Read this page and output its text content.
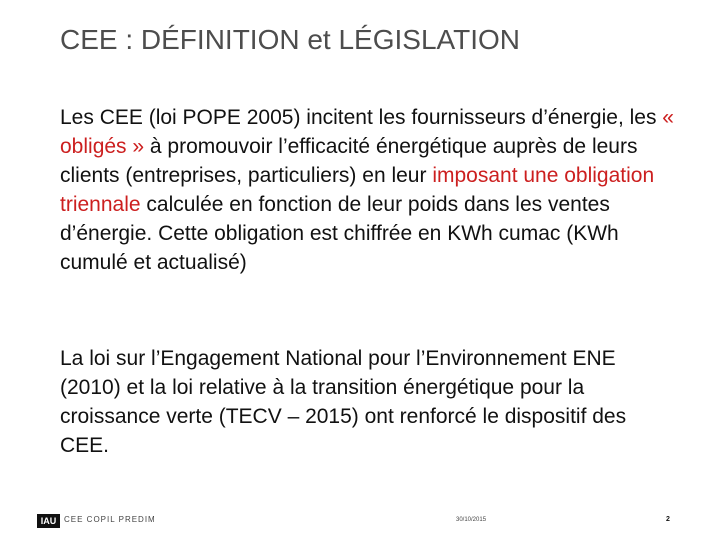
CEE : DÉFINITION et LÉGISLATION
Les CEE (loi POPE 2005) incitent les fournisseurs d’énergie, les « obligés » à promouvoir l’efficacité énergétique auprès de leurs clients (entreprises, particuliers) en leur imposant une obligation triennale calculée en fonction de leur poids dans les ventes d’énergie. Cette obligation est chiffrée en KWh cumac (KWh cumulé et actualisé)
La loi sur l’Engagement National pour l’Environnement ENE (2010) et la loi relative à la transition énergétique pour la croissance verte (TECV – 2015) ont renforcé le dispositif des CEE.
IAU CEE COPIL PREDIM	30/10/2015	2
